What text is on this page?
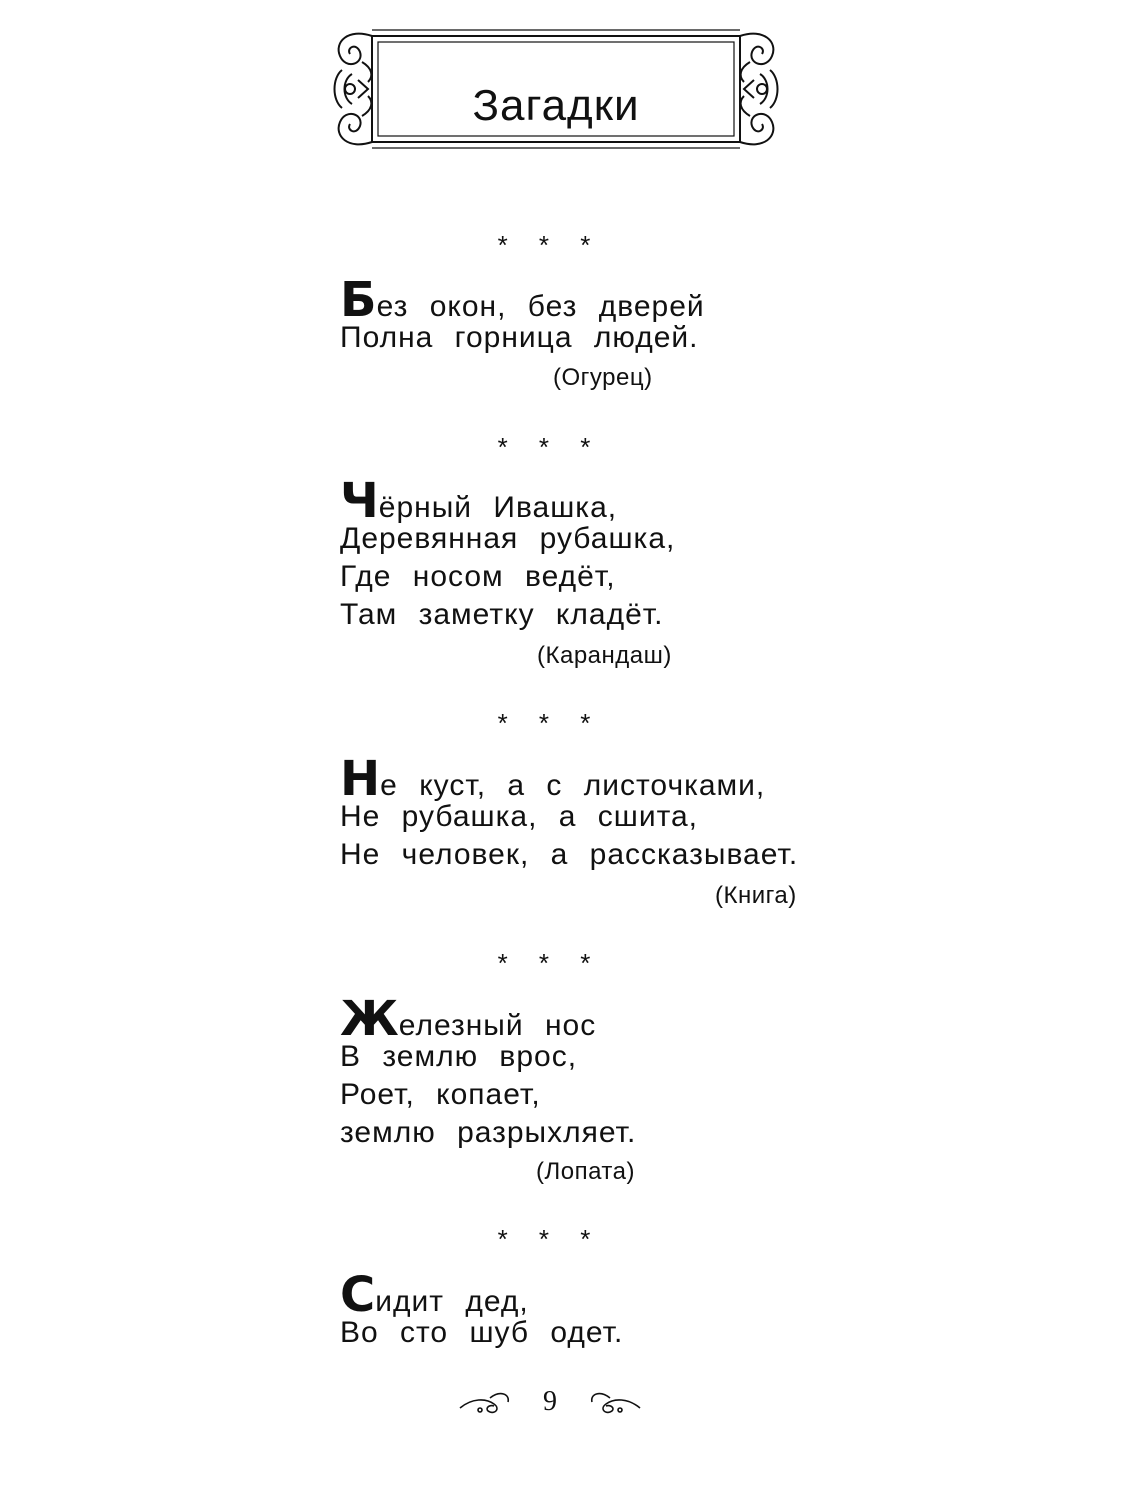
Загадки
* * *
Без окон, без дверей
Полна горница людей.
(Огурец)
* * *
Чёрный Ивашка,
Деревянная рубашка,
Где носом ведёт,
Там заметку кладёт.
(Карандаш)
* * *
Не куст, а с листочками,
Не рубашка, а сшита,
Не человек, а рассказывает.
(Книга)
* * *
Железный нос
В землю врос,
Роет, копает,
землю разрыхляет.
(Лопата)
* * *
Сидит дед,
Во сто шуб одет.
9
